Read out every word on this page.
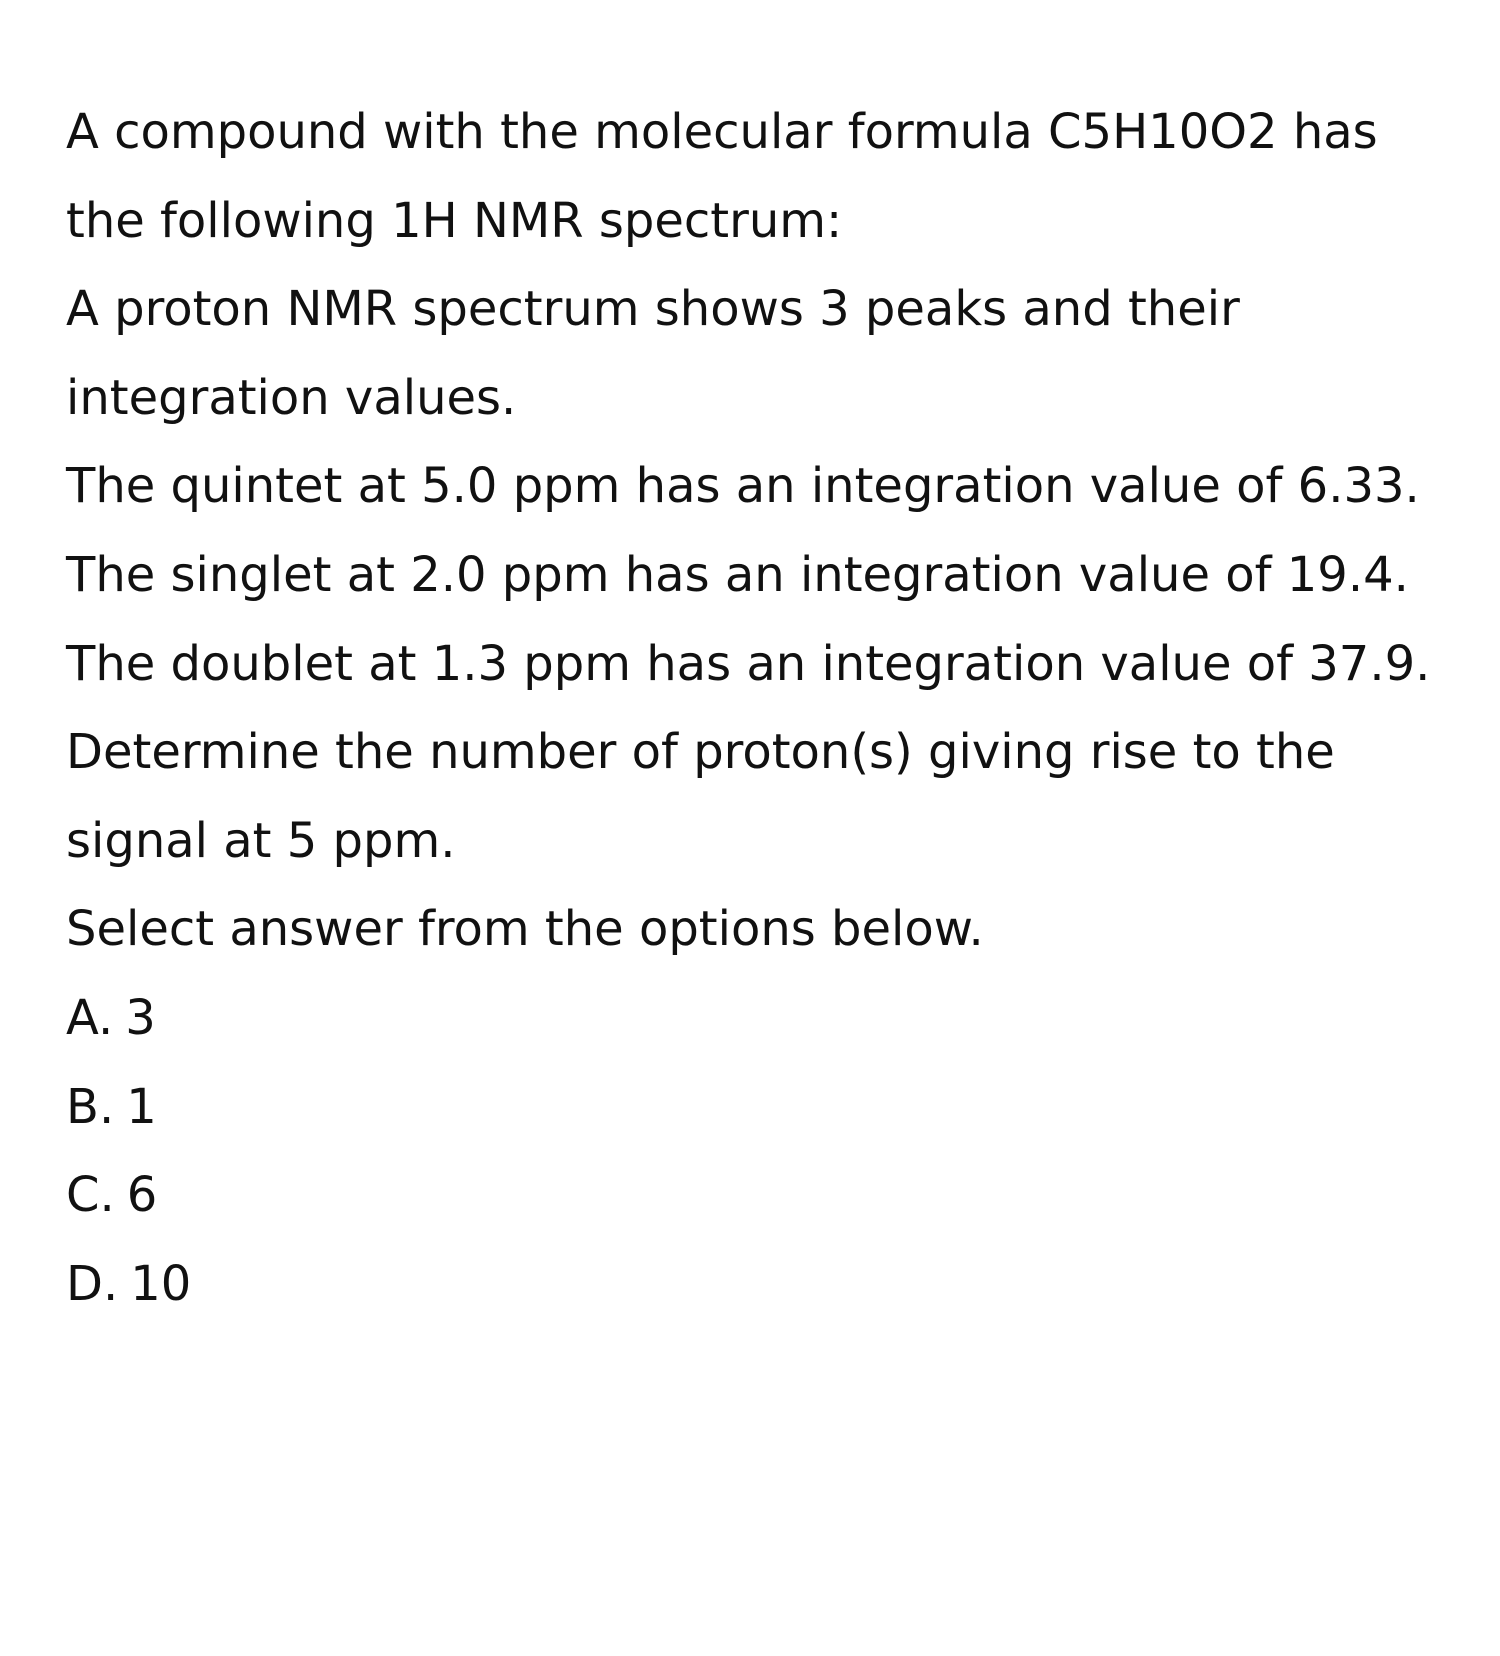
A compound with the molecular formula C5H10O2 has the following 1H NMR spectrum:

A proton NMR spectrum shows 3 peaks and their integration values.

The quintet at 5.0 ppm has an integration value of 6.33.

The singlet at 2.0 ppm has an integration value of 19.4.

The doublet at 1.3 ppm has an integration value of 37.9.

Determine the number of proton(s) giving rise to the signal at 5 ppm.

Select answer from the options below.

A . 3
B . 1
C . 6
D . 10
